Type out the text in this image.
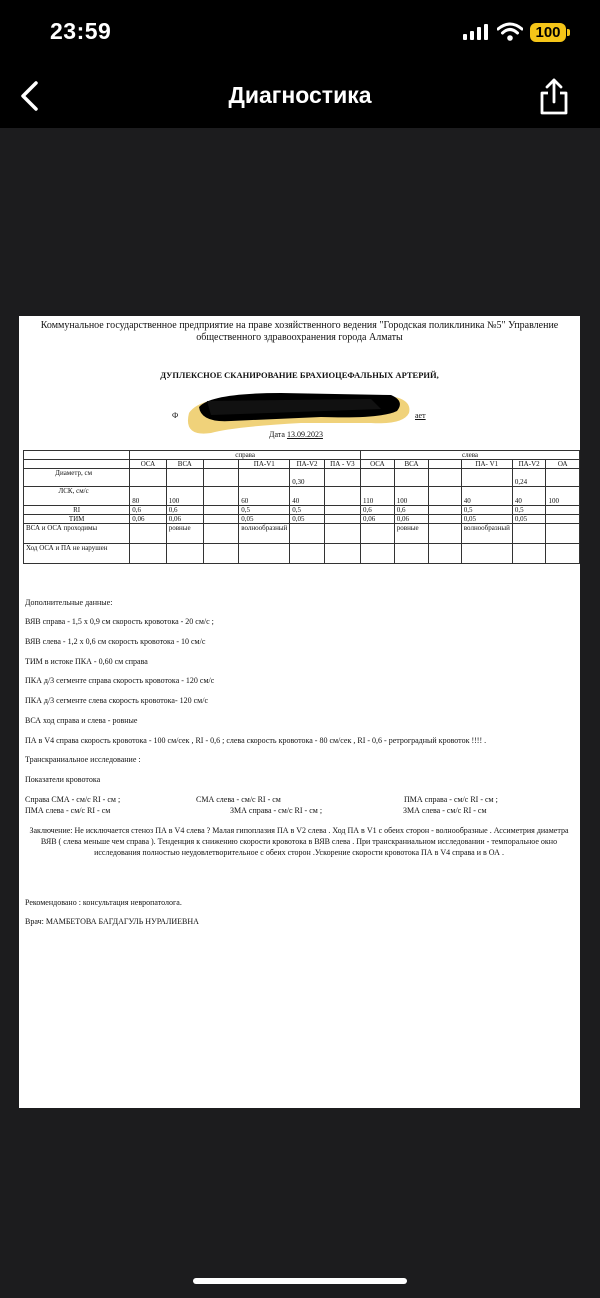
23:59	100
Диагностика
Коммунальное государственное предприятие на праве хозяйственного ведения "Городская поликлиника №5" Управление общественного здравоохранения города Алматы
ДУПЛЕКСНОЕ СКАНИРОВАНИЕ БРАХИОЦЕФАЛЬНЫХ АРТЕРИЙ,
Ф	ает
Дата 13.09.2023
	справа						слева					
	ОСА	ВСА		ПА-V1	ПА-V2	ПА - V3	ОСА	ВСА		ПА- V1	ПА-V2	ОА
Диаметр, см					0,30						0,24	
ЛСК, см/с	80	100		60	40		110	100		40	40	100
RI	0,6	0,6		0,5	0,5		0,6	0,6		0,5	0,5	
ТИМ	0,06	0,06		0,05	0,05		0,06	0,06		0,05	0,05	
ВСА и ОСА проходимы		ровные		волнообразный				ровные		волнообразный		
Ход ОСА и ПА не нарушен												
Дополнительные данные:
ВЯВ справа - 1,5 х 0,9 см скорость кровотока - 20 см/с ;
ВЯВ слева - 1,2 х 0,6 см скорость кровотока - 10 см/с
ТИМ в истоке ПКА - 0,60 см справа
ПКА д/3 сегменте справа скорость кровотока - 120 см/с
ПКА д/3 сегменте слева скорость кровотока- 120 см/с
ВСА ход справа и слева - ровные
ПА в V4 справа скорость кровотока - 100 см/сек , RI - 0,6 ; слева скорость кровотока - 80 см/сек , RI - 0,6 - ретроградный кровоток !!!! .
Транскраниальное исследование :
Показатели кровотока
Справа СМА - см/с RI - см ;	СМА слева - см/с RI - см	ПМА справа - см/с RI - см ;
ПМА слева - см/с RI - см	ЗМА справа - см/с RI - см ;	ЗМА слева - см/с RI - см
Заключение: Не исключается стеноз ПА в V4 слева ? Малая гипоплазия ПА в V2 слева . Ход ПА в V1 с обеих сторон - волнообразные . Ассиметрия диаметра ВЯВ ( слева меньше чем справа ). Тенденция к снижению скорости кровотока в ВЯВ слева . При транскраниальном исследовании - темпоральное окно исследования полностью неудовлетворительное с обеих сторон .Ускорение скорости кровотока ПА в V4 справа и в ОА .
Рекомендовано : консультация невропатолога.
Врач: МАМБЕТОВА БАГДАГУЛЬ НУРАЛИЕВНА
